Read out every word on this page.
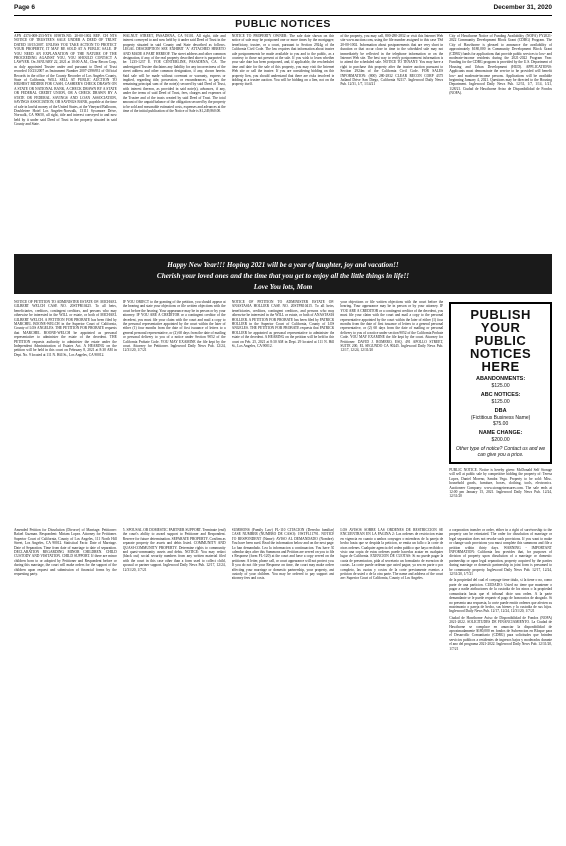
Page 6	December 31, 2020
PUBLIC NOTICES

APN 4374-008-253-NTS 0198TS.NO. 20-00-1002 REF. CH NTS NOTICE OF TRUSTEE'S SALE UNDER A DEED OF TRUST DATED 10/15/2007. UNLESS YOU TAKE ACTION TO PROTECT YOUR PROPERTY, IT MAY BE SOLD AT A PUBLIC SALE. IF YOU NEED AN EXPLANATION OF THE NATURE OF THE PROCEEDING AGAINST YOU, YOU SHOULD CONTACT A LAWYER. On JANUARY 22, 2021 at 10:00 A.M., Clear Recon Corp, as duly appointed Trustee under and pursuant to Deed of Trust recorded 10/23/2007 as Instrument Number 2007-2396931 of Official Records in the office of the County Recorder of Los Angeles County, State of California, WILL SELL AT PUBLIC AUCTION TO HIGHEST BIDDER FOR CASH, CASHIER'S CHECK DRAWN ON A STATE OR NATIONAL BANK, A CHECK DRAWN BY A STATE OR FEDERAL CREDIT UNION, OR A CHECK DRAWN BY A STATE OR FEDERAL SAVINGS AND LOAN ASSOCIATION, SAVINGS ASSOCIATION, OR SAVINGS BANK, payable at the time of sale in lawful money of the United States, at the Vineyard Ballroom, Doubletree Hotel Los Angeles-Norwalk, 13111 Sycamore Drive, Norwalk, CA 90650, all right, title and interest conveyed to and now held by it under said Deed of Trust in the property situated in said County and State.

WALNUT STREET, PASADENA, CA 91101. All right, title and interest conveyed to and now held by it under said Deed of Trust in the property situated in said County and State described as follows. LEGAL DESCRIPTION SEE EXHIBIT 'A' ATTACHED HERETO AND MADE A PART HEREOF. The street address and other common designation, if any, of the real property described above is purported to be: 1235-1237 E. YOE CENTERLINE, PASADENA, CA. The undersigned Trustee disclaims any liability for any incorrectness of the street address and other common designation, if any, shown herein. Said sale will be made without covenant or warranty, express or implied, regarding title, possession, or encumbrances, to pay the remaining principal sum of the note(s) secured by said Deed of Trust, with interest thereon, as provided in said note(s), advances, if any, under the terms of said Deed of Trust, fees, charges and expenses of the Trustee and of the trusts created by said Deed of Trust. The total amount of the unpaid balance of the obligation secured by the property to be sold and reasonable estimated costs, expenses and advances at the time of the initial publication of the Notice of Sale is $1,249,860.00.

NOTICE TO PROPERTY OWNER: The sale date shown on this notice of sale may be postponed one or more times by the mortgagee, beneficiary, trustee, or a court, pursuant to Section 2924g of the California Civil Code. The law requires that information about trustee sale postponements be made available to you and to the public, as a courtesy to those not present at the sale. If you wish to learn whether your sale date has been postponed, and, if applicable, the rescheduled time and date for the sale of this property, you may visit the Internet Web site or call the trustee. If you are considering bidding on this property lien, you should understand that there are risks involved in bidding at a trustee auction. You will be bidding on a lien, not on the property itself.

of the property, you may call, 800-280-2832 or visit this Internet Web site www.auction.com, using the file number assigned to this case TS# 20-00-1002. Information about postponements that are very short in duration or that occur close in time to the scheduled sale may not immediately be reflected in the telephone information or on the Internet Web site. The best way to verify postponement information is to attend the scheduled sale. NOTICE TO TENANT: You may have a right to purchase this property after the trustee auction pursuant to Section 2924m of the California Civil Code. FOR SALES INFORMATION: (800) 280-2832 CLEAR RECON CORP 4375 Jutland Drive San Diego, California 92117. Inglewood Daily News Pub. 12/31, 1/7, 1/14/21

City of Hawthorne Notice of Funding Availability (NOFA) FY2021-2022 Community Development Block Grant (CDBG) Program. The City of Hawthorne is pleased to announce the availability of approximately $180,000 in Community Development Block Grant (CDBG) funds for applications that provide public services to low- and moderate-income residents during the 2021-2022 Program Year. Funding for the CDBG program is provided by the U.S. Department of Housing and Urban Development (HUD). APPLICATIONS: Applicants must demonstrate the service to be provided will benefit low- and moderate-income persons. Applications will be available beginning January 4, 2021. Questions may be directed to the Housing Department. Inglewood Daily News Pub. 12/31, 1/7, 1/14, 1/21, 1/28/21. Ciudad de Hawthorne Aviso de Disponibilidad de Fondos (NOFA).

Happy New Year!!! Hoping 2021 will be a year of laughter, joy and vacation!!
Cherish your loved ones and the time that you get to enjoy all the little things in life!!
Love You lots, Mom

NOTICE OF PETITION TO ADMINISTER ESTATE OF: MICHAEL GILBERT WELCH CASE NO. 20STPB10425. To all heirs, beneficiaries, creditors, contingent creditors, and persons who may otherwise be interested in the WILL or estate, or both of MICHAEL GILBERT WELCH. A PETITION FOR PROBATE has been filed by MARCHEL BOONE-WELCH in the Superior Court of California, County of LOS ANGELES. THE PETITION FOR PROBATE requests that MARCHEL BOONE-WELCH be appointed as personal representative to administer the estate of the decedent. THE PETITION requests authority to administer the estate under the Independent Administration of Estates Act. A HEARING on the petition will be held in this court on February 8, 2021 at 8:30 AM in Dept. No. 9 located at 111 N. Hill St., Los Angeles, CA 90012.

IF YOU OBJECT to the granting of the petition, you should appear at the hearing and state your objections or file written objections with the court before the hearing. Your appearance may be in person or by your attorney. IF YOU ARE A CREDITOR or a contingent creditor of the decedent, you must file your claim with the court and mail a copy to the personal representative appointed by the court within the later of either (1) four months from the date of first issuance of letters to a general personal representative, or (2) 60 days from the date of mailing or personal delivery to you of a notice under Section 9052 of the California Probate Code. YOU MAY EXAMINE the file kept by the court. Attorney for Petitioner. Inglewood Daily News Pub. 12/24, 12/31/20, 1/7/21

NOTICE OF PETITION TO ADMINISTER ESTATE OF: ANASTASIA HOLLIER CASE NO. 20STPB10415. To all heirs, beneficiaries, creditors, contingent creditors, and persons who may otherwise be interested in the WILL or estate, or both of ANASTASIA HOLLIER. A PETITION FOR PROBATE has been filed by PATRICK HOLLIER in the Superior Court of California, County of LOS ANGELES. THE PETITION FOR PROBATE requests that PATRICK HOLLIER be appointed as personal representative to administer the estate of the decedent. A HEARING on the petition will be held in this court on Feb. 25, 2021 at 8:30 AM in Dept. 29 located at 111 N. Hill St., Los Angeles, CA 90012.

your objections or file written objections with the court before the hearing. Your appearance may be in person or by your attorney. IF YOU ARE A CREDITOR or a contingent creditor of the decedent, you must file your claim with the court and mail a copy to the personal representative appointed by the court within the later of either (1) four months from the date of first issuance of letters to a general personal representative, or (2) 60 days from the date of mailing or personal delivery to you of a notice under section 9052 of the California Probate Code. YOU MAY EXAMINE the file kept by the court. Attorney for Petitioner: DAVID J. ROMERO, ESQ. 491 APOLLO STREET, SUITE 200, EL SEGUNDO CA 90245. Inglewood Daily News Pub. 12/17, 12/24, 12/31/20

PUBLISH
YOUR
PUBLIC
NOTICES
HERE
ABANDONMENTS:
$125.00
ABC NOTICES:
$125.00
DBA
(Fictitious Business Name)
$75.00
NAME CHANGE:
$200.00
Other type of notice? Contact us and we can give you a price.

PUBLIC NOTICE. Notice is hereby given: McDonald Self Storage will sell at public sale by competitive bidding the property of: Teresa Lopez, Daniel Moreno, Sandra Vega. Property to be sold: Misc. household goods, furniture, boxes, clothing, tools, electronics. Auctioneer Company: www.storagetreasures.com. The sale ends at 12:00 pm January 15, 2021. Inglewood Daily News Pub. 12/24, 12/31/20

Amended Petition for Dissolution (Divorce) of Marriage. Petitioner: Rafael Guzman. Respondent: Miriam Lopez. Attorney for Petitioner. Superior Court of California, County of Los Angeles, 111 North Hill Street, Los Angeles, CA 90012. Statistical Facts: Date of Marriage. Date of Separation. Time from date of marriage to date of separation. DECLARATION REGARDING MINOR CHILDREN. CHILD CUSTODY AND VISITATION. CHILD SUPPORT. If there are minor children born to or adopted by Petitioner and Respondent before or during this marriage, the court will make orders for the support of the children upon request and submission of financial forms by the requesting party.

5. SPOUSAL OR DOMESTIC PARTNER SUPPORT. Terminate (end) the court's ability to award support to Petitioner and Respondent. Reserve for future determination. SEPARATE PROPERTY. Confirm as separate property the assets and debts listed. COMMUNITY AND QUASI-COMMUNITY PROPERTY. Determine rights to community and quasi-community assets and debts. NOTICE: You may redact (black out) social security numbers from any written material filed with the court in this case other than a form used to collect child, spousal or partner support. Inglewood Daily News Pub. 12/17, 12/24, 12/31/20, 1/7/21

SUMMONS (Family Law) FL-110 CITACION (Derecho familiar) CASE NUMBER (NUMERO DE CASO): 19STFL11791. NOTICE TO RESPONDENT (Name): AVISO AL DEMANDADO (Nombre). You have been sued. Read the information below and on the next page. Lo han demandado. Lea la informacion a continuacion. You have 30 calendar days after this Summons and Petition are served on you to file a Response (form FL-120) at the court and have a copy served on the petitioner. A letter, phone call, or court appearance will not protect you. If you do not file your Response on time, the court may make orders affecting your marriage or domestic partnership, your property, and custody of your children. You may be ordered to pay support and attorney fees and costs.

LOS AVISOS SOBRE LAS ORDENES DE RESTRICCION SE ENCUENTRAN EN LA PAGINA 2: Las ordenes de restriccion estan en vigencia en cuanto a ambos conyuges o miembros de la pareja de hecho hasta que se despida la peticion, se emita un fallo o la corte de otras ordenes. Cualquier agencia del orden publico que haya recibido o visto una copia de estas ordenes puede hacerlas acatar en cualquier lugar de California. EXENCION DE CUOTAS: Si no puede pagar la cuota de presentacion, pida al secretario un formulario de exencion de cuotas. La corte puede ordenar que usted pague, ya sea en parte o por completo, las cuotas y costos de la corte previamente exentos a peticion de usted o de la otra parte. The name and address of the court are: Superior Court of California, County of Los Angeles.

a corporation transfer or order, either in a right of survivorship to the property can be reinstated. The order for dissolution of marriage or legal separation does not revoke such provisions. If you want to make or change such provisions you must complete this summons and file a petition within thirty days. WARNING - IMPORTANT INFORMATION: California law provides that, for purposes of division of property upon dissolution of a marriage or domestic partnership or upon legal separation, property acquired by the parties during marriage or domestic partnership in joint form is presumed to be community property. Inglewood Daily News Pub. 12/17, 12/24, 12/31/20, 1/7/21

de la propiedad del cual el conyuge tiene titulo, si la tiene o no, como parte de una particion. CUIDADO: Usted no tiene que mantener o pagar a nadie atribuciones de la custodia de los ninos o la propiedad comunitaria hasta que el tribunal dicte una orden. A la parte demandante se le puede requerir el pago de honorarios de abogado. Si no presenta una respuesta, la corte puede emitir ordenes que afecten su matrimonio o pareja de hecho, sus bienes y la custodia de sus hijos. Inglewood Daily News Pub. 12/17, 12/24, 12/31/20, 1/7/21

Ciudad de Hawthorne Aviso de Disponibilidad de Fondos (NOFA) 2021-2022. SOLICITUDES DE FINANCIAMIENTO. La Ciudad de Hawthorne se complace en anunciar la disponibilidad de aproximadamente $180,000 en fondos de Subvencion en Bloque para el Desarrollo Comunitario (CDBG) para solicitudes que brinden servicios publicos a residentes de ingresos bajos y moderados durante el ano del programa 2021-2022. Inglewood Daily News Pub. 12/31/20, 1/7/21
